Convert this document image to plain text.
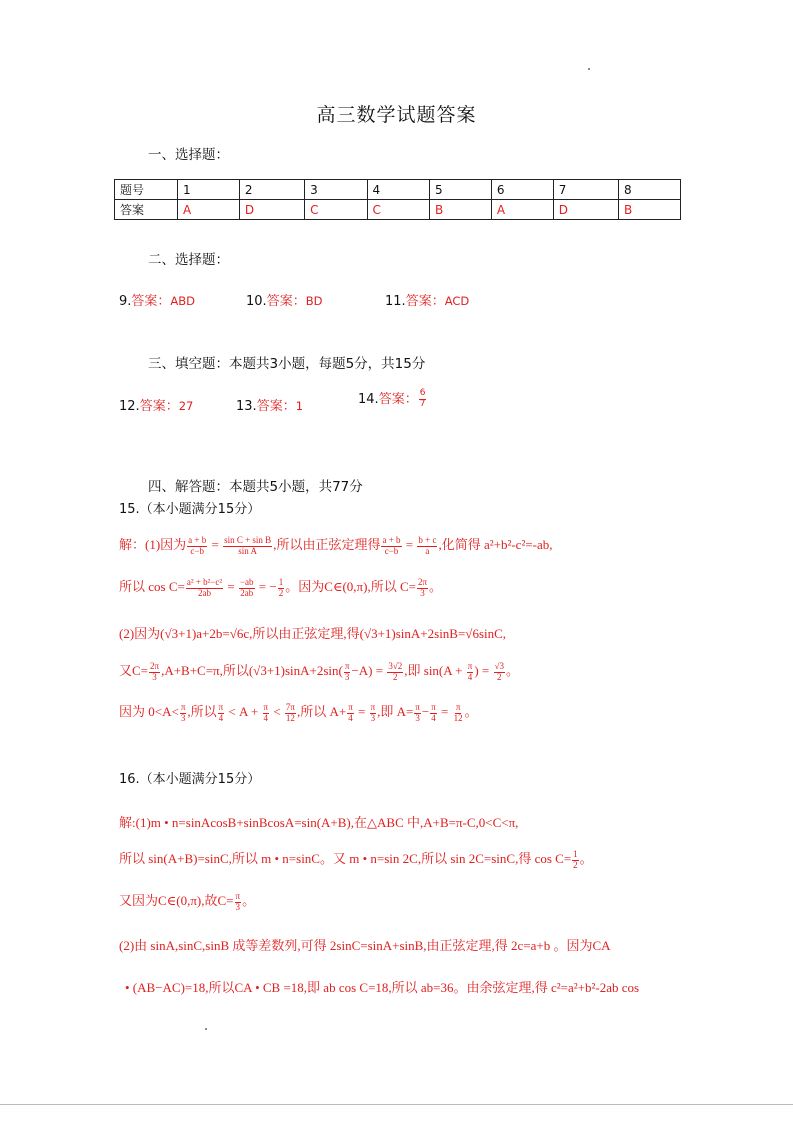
高三数学试题答案
一、选择题：
题号	1	2	3	4	5	6	7	8
答案	A	D	C	C	B	A	D	B
二、选择题：
9.答案：ABD	10.答案：BD	11.答案：ACD
三、填空题：本题共3小题，每题5分，共15分
12.答案：27	13.答案：1	14.答案： $\frac{6}{7}$
四、解答题：本题共5小题，共77分
15.（本小题满分15分）
解：(1)因为 $\frac{a + b}{c-b} = \frac{\text{sin C + sin B}}{\text{sin A}}$ ,所以由正弦定理得 $\frac{a + b}{c-b} = \frac{b + c}{a}$ ,化简得 a²+b²-c²=-ab,
所以 $\cos C= \frac{\text{a² + b²−c²}}{2ab} = \frac{-ab}{2ab}$ = − $\frac{1}{2}$ 。因为C∈(0,π),所以 $C= \frac{2\pi}{3}$ 。
(2)因为(√3+1)a+2b=√6c,所以由正弦定理,得(√3+1)sinA+2sinB=√6sinC,
又$C= \frac{2\pi}{3} ,A+B+C=\pi$,所以$(√3+1)\sin A+2\sin( \frac{\pi}{3} -A) = \frac{3√2}{2}$ ,即 $\sin(A + \frac{\pi}{4}$ ) = $\frac{√3}{2}$ 。
因为 $0<A< \frac{\pi}{3}$ ,所以 $\frac{\pi}{4} < A + \frac{\pi}{4} < \frac{7\pi}{12}$ ,所以 $A+ \frac{\pi}{4} = \frac{\pi}{3}$ ,即 $A= \frac{\pi}{3} - \frac{\pi}{4} = \frac{\pi}{12}$ 。
16.（本小题满分15分）
解:(1)m • n=sinAcosB+sinBcosA=sin(A+B),在△ABC 中,A+B=π-C,0<C<π,
所以 sin(A+B)=sinC,所以 m • n=sinC。又 m • n=sin 2C,所以 sin 2C=sinC,得 $\cos C= \frac{1}{2}$ 。
又因为C∈(0,π),故$C= \frac{\pi}{3}$ 。
(2)由 sinA,sinC,sinB 成等差数列,可得 2sinC=sinA+sinB,由正弦定理,得 2c=a+b 。因为CA
• (AB−AC)=18,所以CA • CB =18,即 ab cos C=18,所以 ab=36。由余弦定理,得 c²=a²+b²-2ab cos
